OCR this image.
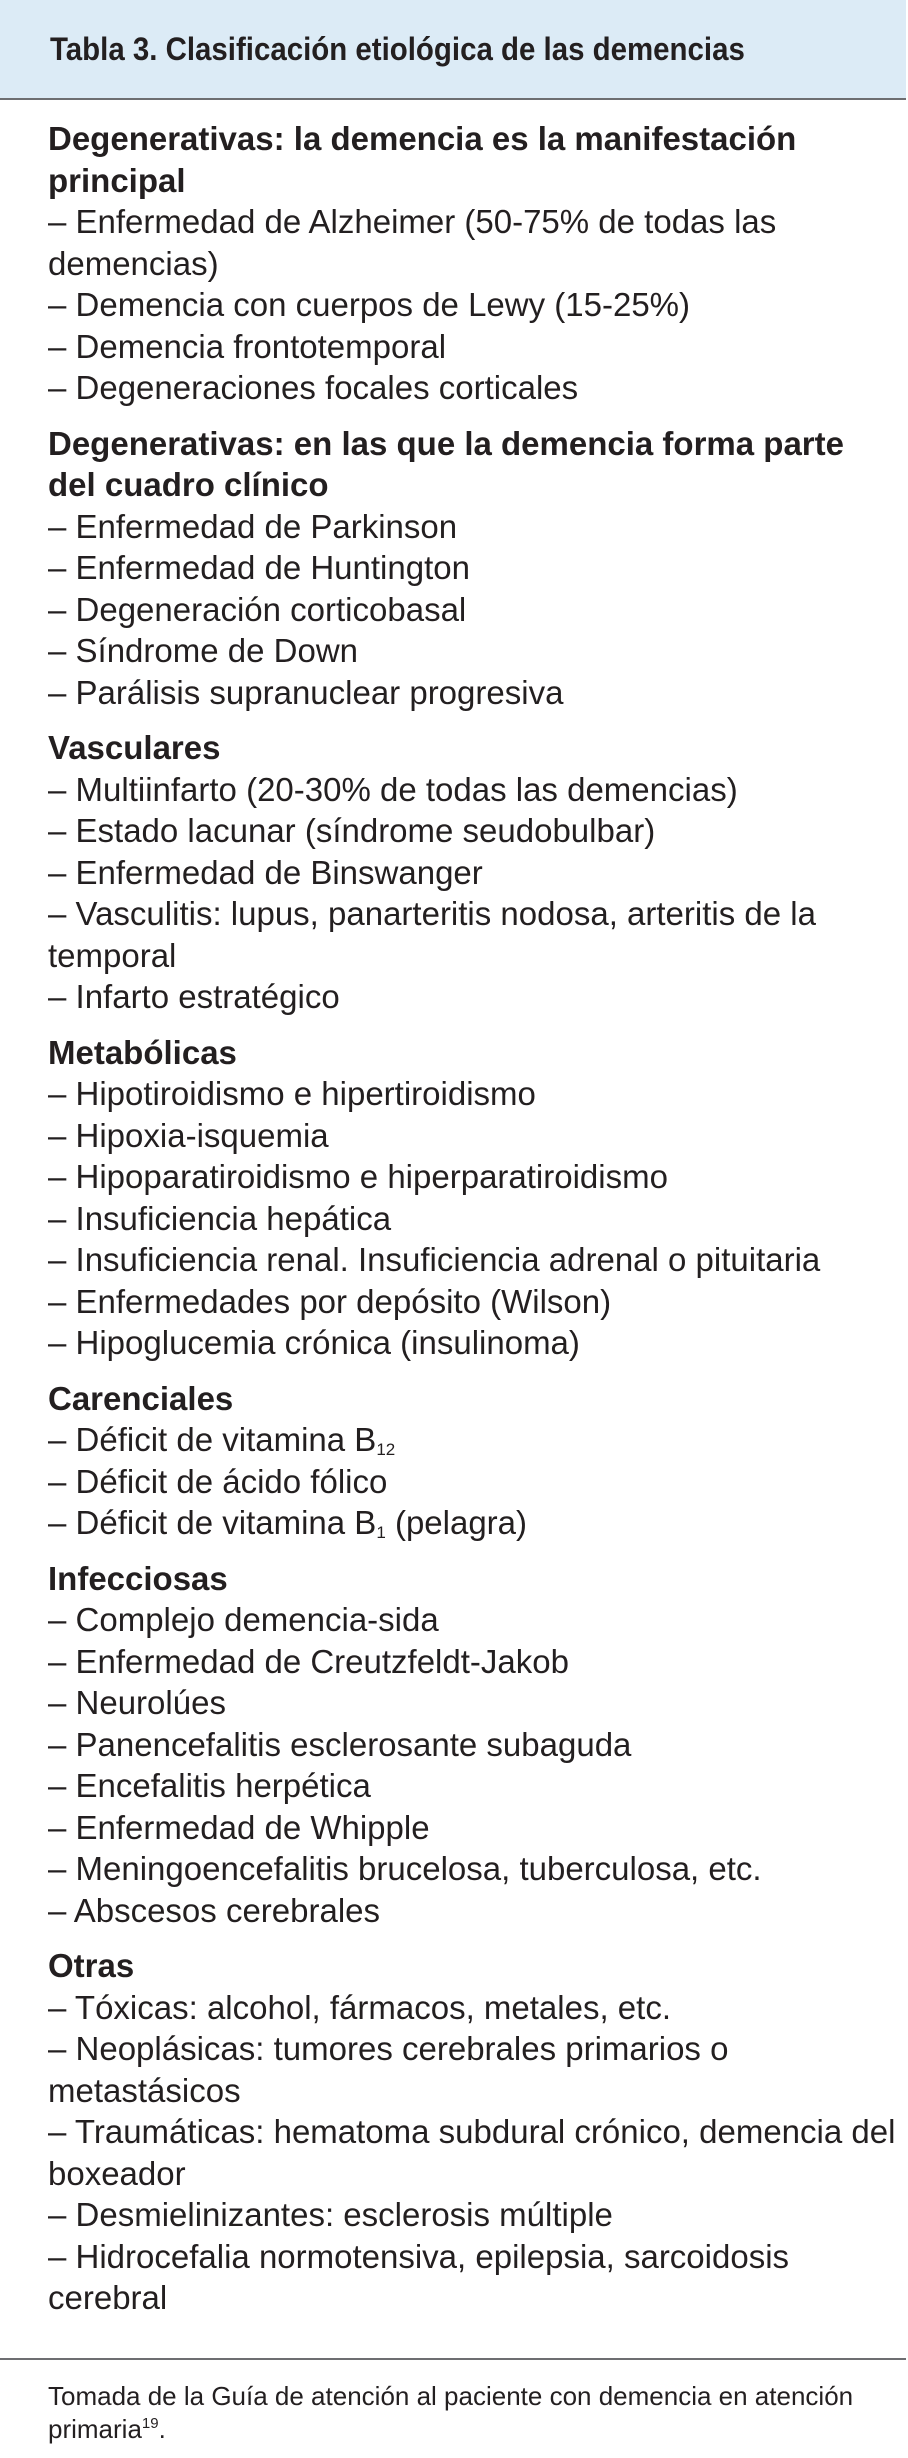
Tabla 3. Clasificación etiológica de las demencias
Degenerativas: la demencia es la manifestación principal
– Enfermedad de Alzheimer (50-75% de todas las demencias)
– Demencia con cuerpos de Lewy (15-25%)
– Demencia frontotemporal
– Degeneraciones focales corticales
Degenerativas: en las que la demencia forma parte del cuadro clínico
– Enfermedad de Parkinson
– Enfermedad de Huntington
– Degeneración corticobasal
– Síndrome de Down
– Parálisis supranuclear progresiva
Vasculares
– Multiinfarto (20-30% de todas las demencias)
– Estado lacunar (síndrome seudobulbar)
– Enfermedad de Binswanger
– Vasculitis: lupus, panarteritis nodosa, arteritis de la temporal
– Infarto estratégico
Metabólicas
– Hipotiroidismo e hipertiroidismo
– Hipoxia-isquemia
– Hipoparatiroidismo e hiperparatiroidismo
– Insuficiencia hepática
– Insuficiencia renal. Insuficiencia adrenal o pituitaria
– Enfermedades por depósito (Wilson)
– Hipoglucemia crónica (insulinoma)
Carenciales
– Déficit de vitamina $B_{12}$
– Déficit de ácido fólico
– Déficit de vitamina $B_1$ (pelagra)
Infecciosas
– Complejo demencia-sida
– Enfermedad de Creutzfeldt-Jakob
– Neurolúes
– Panencefalitis esclerosante subaguda
– Encefalitis herpética
– Enfermedad de Whipple
– Meningoencefalitis brucelosa, tuberculosa, etc.
– Abscesos cerebrales
Otras
– Tóxicas: alcohol, fármacos, metales, etc.
– Neoplásicas: tumores cerebrales primarios o metastásicos
– Traumáticas: hematoma subdural crónico, demencia del boxeador
– Desmielinizantes: esclerosis múltiple
– Hidrocefalia normotensiva, epilepsia, sarcoidosis cerebral
Tomada de la Guía de atención al paciente con demencia en atención primaria$^{19}$.
